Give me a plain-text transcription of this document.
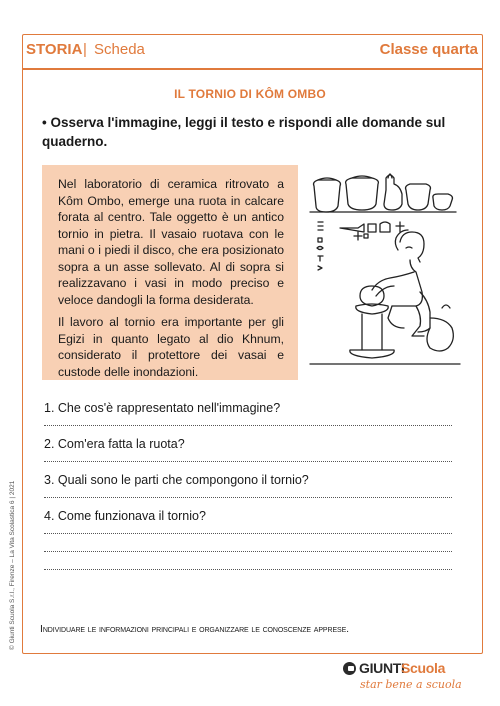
STORIA | Scheda	Classe quarta
IL TORNIO DI KÔM OMBO
• Osserva l'immagine, leggi il testo e rispondi alle domande sul quaderno.

Nel laboratorio di ceramica ritrovato a Kôm Ombo, emerge una ruota in calcare forata al centro. Tale oggetto è un antico tornio in pietra. Il vasaio ruotava con le mani o i piedi il disco, che era posizionato sopra a un asse sollevato. Al di sopra si realizzavano i vasi in modo preciso e veloce dandogli la forma desiderata.

Il lavoro al tornio era importante per gli Egizi in quanto legato al dio Khnum, considerato il protettore dei vasai e custode delle inondazioni.

1. Che cos'è rappresentato nell'immagine?
2. Com'era fatta la ruota?
3. Quali sono le parti che compongono il tornio?
4. Come funzionava il tornio?
Individuare le informazioni principali e organizzare le conoscenze apprese.
© Giunti Scuola S.r.l., Firenze – La Vita Scolastica 6 | 2021
GIUNTI
Scuola
star bene a scuola
